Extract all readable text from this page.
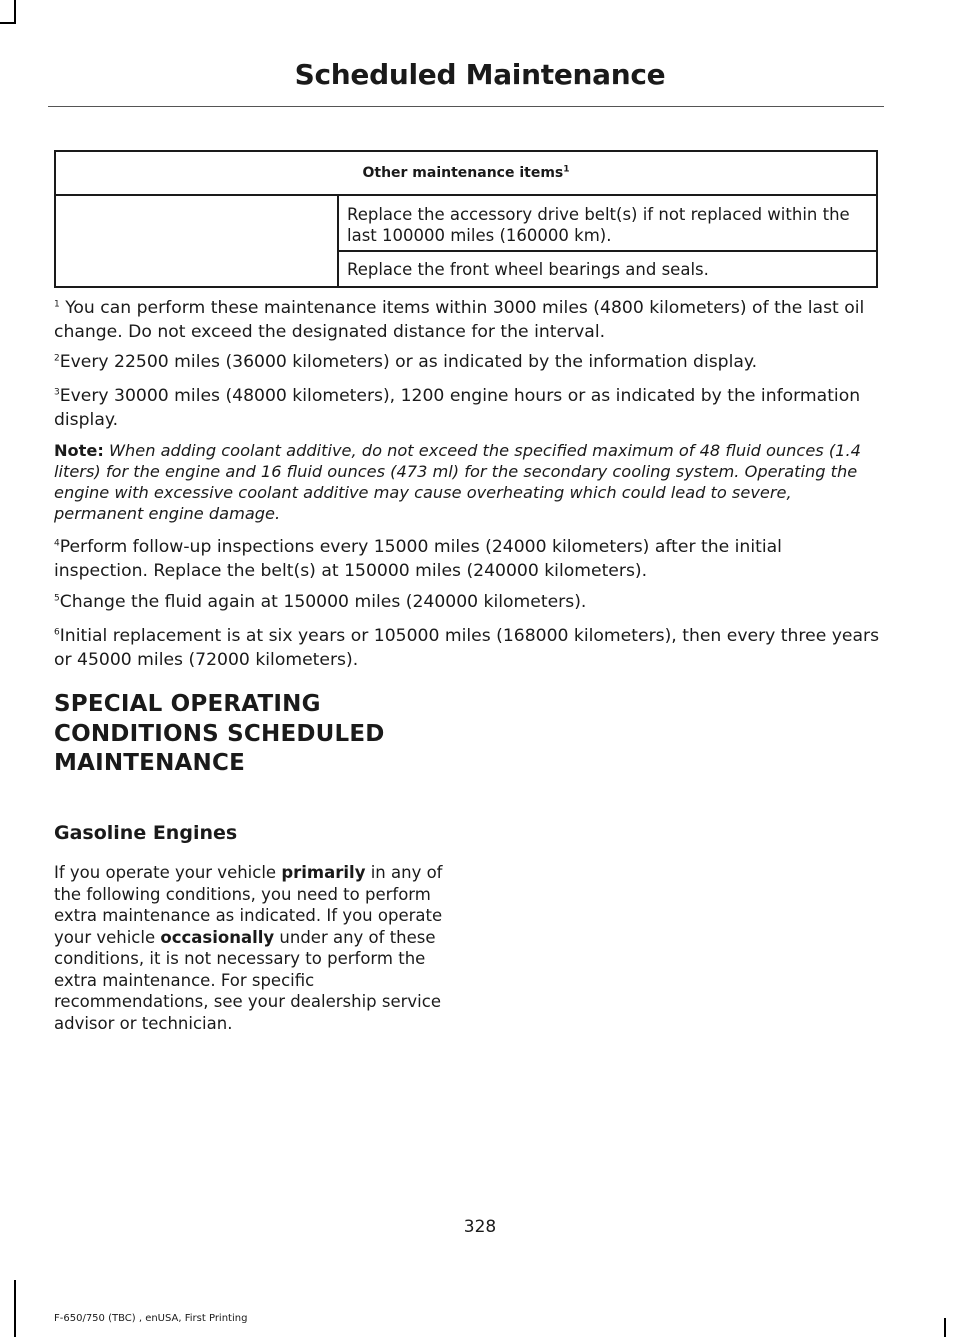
Scheduled Maintenance
Other maintenance items$^1$
	Replace the accessory drive belt(s) if not replaced within the last 100000 miles (160000 km).
Replace the front wheel bearings and seals.
$^1$ You can perform these maintenance items within 3000 miles (4800 kilometers) of the last oil change. Do not exceed the designated distance for the interval.
$^2$Every 22500 miles (36000 kilometers) or as indicated by the information display.
$^3$Every 30000 miles (48000 kilometers), 1200 engine hours or as indicated by the information display.
Note: When adding coolant additive, do not exceed the specified maximum of 48 fluid ounces (1.4 liters) for the engine and 16 fluid ounces (473 ml) for the secondary cooling system. Operating the engine with excessive coolant additive may cause overheating which could lead to severe, permanent engine damage.
$^4$Perform follow-up inspections every 15000 miles (24000 kilometers) after the initial inspection. Replace the belt(s) at 150000 miles (240000 kilometers).
$^5$Change the fluid again at 150000 miles (240000 kilometers).
$^6$Initial replacement is at six years or 105000 miles (168000 kilometers), then every three years or 45000 miles (72000 kilometers).
SPECIAL OPERATING CONDITIONS SCHEDULED MAINTENANCE
Gasoline Engines

If you operate your vehicle primarily in any of the following conditions, you need to perform extra maintenance as indicated. If you operate your vehicle occasionally under any of these conditions, it is not necessary to perform the extra maintenance. For specific recommendations, see your dealership service advisor or technician.

328
F-650/750 (TBC) , enUSA, First Printing
